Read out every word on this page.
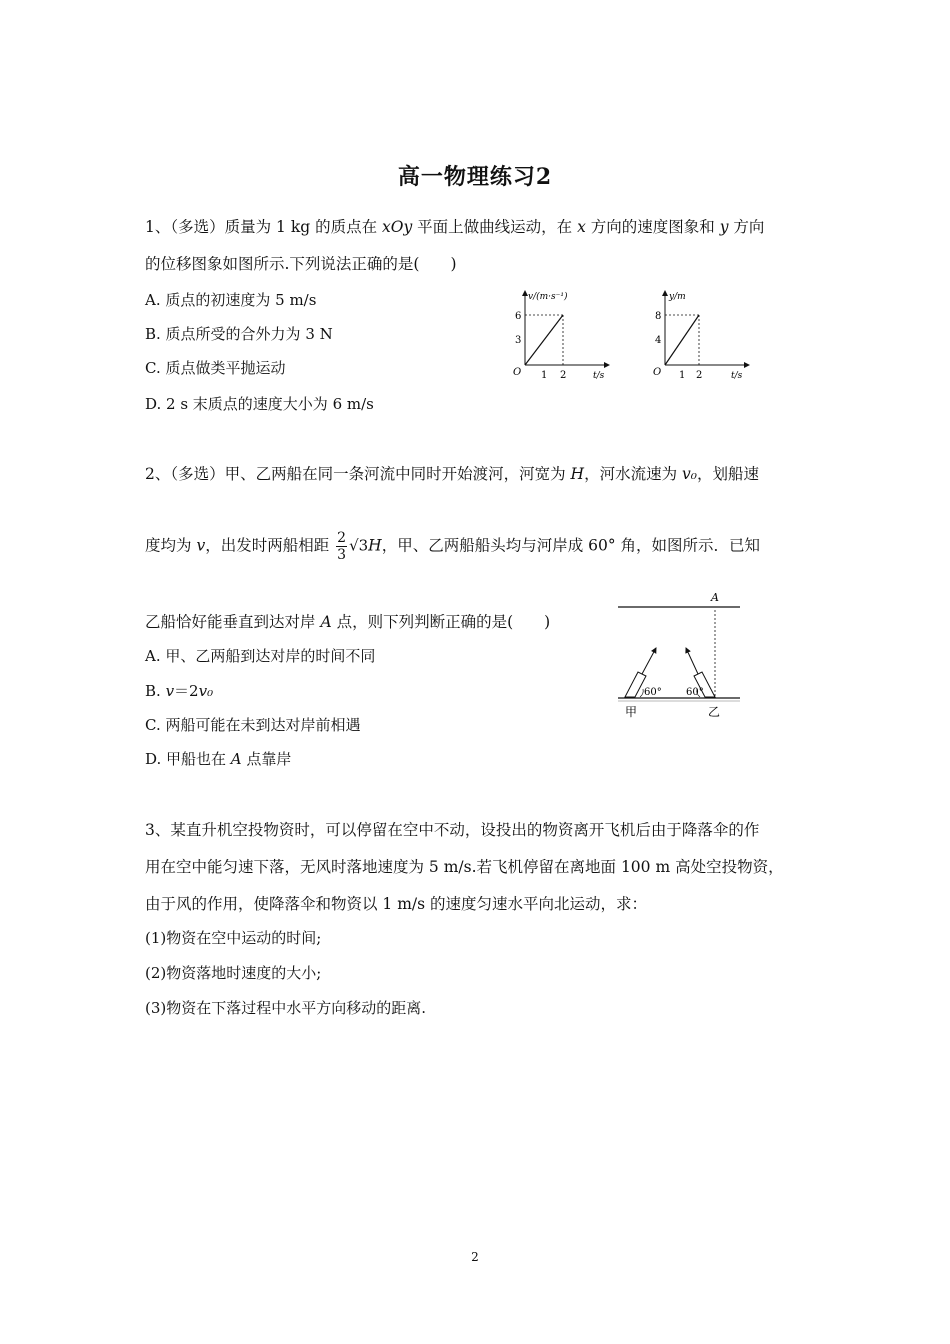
高一物理练习2
1、（多选）质量为 1 kg 的质点在 xOy 平面上做曲线运动，在 x 方向的速度图象和 y 方向
的位移图象如图所示.下列说法正确的是(　　)
A. 质点的初速度为 5 m/s
B. 质点所受的合外力为 3 N
C. 质点做类平抛运动
D. 2 s 末质点的速度大小为 6 m/s
v/(m·s⁻¹)
t/s
O
6
3
1 2
y/m
t/s
O
8
4
1 2
2、（多选）甲、乙两船在同一条河流中同时开始渡河，河宽为 H，河水流速为 v₀，划船速
度均为 v，出发时两船相距 $\frac{2}{3} √3H$，甲、乙两船船头均与河岸成 60° 角，如图所示．已知
乙船恰好能垂直到达对岸 A 点，则下列判断正确的是(　　)
A. 甲、乙两船到达对岸的时间不同
B. v＝2v₀
C. 两船可能在未到达对岸前相遇
D. 甲船也在 A 点靠岸
A
60°
甲
60°
乙
3、某直升机空投物资时，可以停留在空中不动，设投出的物资离开飞机后由于降落伞的作
用在空中能匀速下落，无风时落地速度为 5 m/s.若飞机停留在离地面 100 m 高处空投物资，
由于风的作用，使降落伞和物资以 1 m/s 的速度匀速水平向北运动，求：
(1)物资在空中运动的时间;
(2)物资落地时速度的大小;
(3)物资在下落过程中水平方向移动的距离.
2
